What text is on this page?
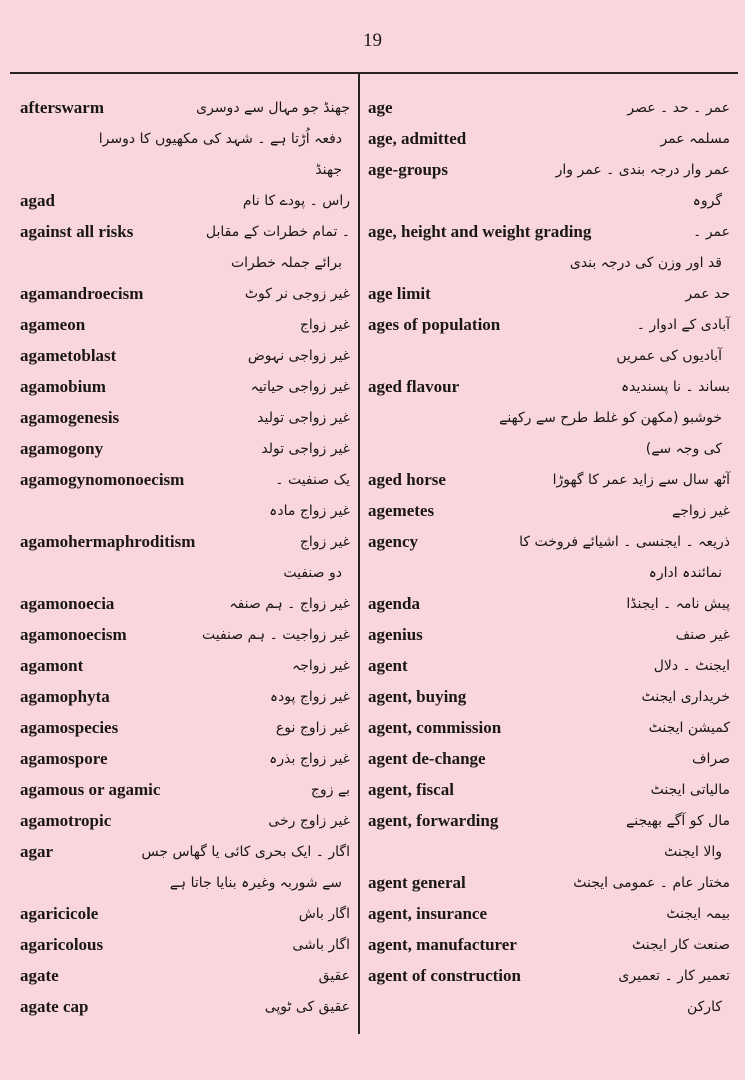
19
afterswarm	جھنڈ جو مہال سے دوسری
دفعہ اُڑتا ہے ۔ شہد کی مکھیوں کا دوسرا
جھنڈ
agad	راس ۔ پودے کا نام
against all risks	۔ تمام خطرات کے مقابل
برائے جملہ خطرات
agamandroecism	غیر زوجی نر کوٹ
agameon	غیر زواج
agametoblast	غیر زواجی نہوض
agamobium	غیر زواجی حیاتیہ
agamogenesis	غیر زواجی تولید
agamogony	غیر زواجی تولد
agamogynomonoecism	یک صنفیت ۔
غیر زواج مادہ
agamohermaphroditism	غیر زواج
دو صنفیت
agamonoecia	غیر زواج ۔ ہم صنفہ
agamonoecism	غیر زواجیت ۔ ہم صنفیت
agamont	غیر زواجہ
agamophyta	غیر زواج پودہ
agamospecies	غیر زاوج نوع
agamospore	غیر زواج بذرہ
agamous or agamic	بے زوج
agamotropic	غیر زاوج رخی
agar	اگار ۔ ایک بحری کائی یا گھاس جس
سے شوربہ وغیرہ بنایا جاتا ہے
agaricicole	اگار باش
agaricolous	اگار باشی
agate	عقیق
agate cap	عقیق کی ٹوپی
age	عمر ۔ حد ۔ عصر
age, admitted	مسلمہ عمر
age-groups	عمر وار درجہ بندی ۔ عمر وار
گروہ
age, height and weight grading	عمر ۔
قد اور وزن کی درجہ بندی
age limit	حد عمر
ages of population	آبادی کے ادوار ۔
آبادیوں کی عمریں
aged flavour	بساند ۔ نا پسندیدہ
خوشبو (مکھن کو غلط طرح سے رکھنے
کی وجہ سے)
aged horse	آٹھ سال سے زاید عمر کا گھوڑا
agemetes	غیر زواجے
agency	ذریعہ ۔ ایجنسی ۔ اشیائے فروخت کا
نمائندہ ادارہ
agenda	پیش نامہ ۔ ایجنڈا
agenius	غیر صنف
agent	ایجنٹ ۔ دلال
agent, buying	خریداری ایجنٹ
agent, commission	کمیشن ایجنٹ
agent de-change	صراف
agent, fiscal	مالیاتی ایجنٹ
agent, forwarding	مال کو آگے بھیجنے
والا ایجنٹ
agent general	مختار عام ۔ عمومی ایجنٹ
agent, insurance	بیمہ ایجنٹ
agent, manufacturer	صنعت کار ایجنٹ
agent of construction	تعمیر کار ۔ تعمیری
کارکن
